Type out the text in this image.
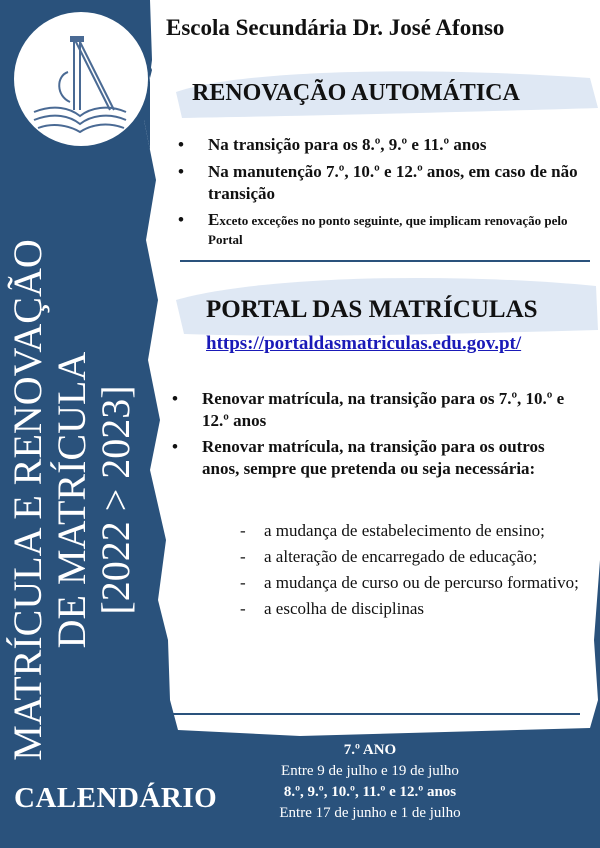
Escola Secundária Dr. José Afonso
RENOVAÇÃO AUTOMÁTICA
• Na transição para os 8.º, 9.º e 11.º anos
• Na manutenção 7.º, 10.º e 12.º anos, em caso de não transição
• Exceto exceções no ponto seguinte, que implicam renovação pelo Portal
PORTAL DAS MATRÍCULAS
https://portaldasmatriculas.edu.gov.pt/
• Renovar matrícula, na transição para os 7.º, 10.º e 12.º anos
• Renovar matrícula, na transição para os outros anos, sempre que pretenda ou seja necessária:
- a mudança de estabelecimento de ensino;
- a alteração de encarregado de educação;
- a mudança de curso ou de percurso formativo;
- a escolha de disciplinas
MATRÍCULA E RENOVAÇÃO DE MATRÍCULA [2022 > 2023]
CALENDÁRIO
7.º ANO
Entre 9 de julho e 19 de julho
8.º, 9.º, 10.º, 11.º e 12.º anos
Entre 17 de junho e 1 de julho
